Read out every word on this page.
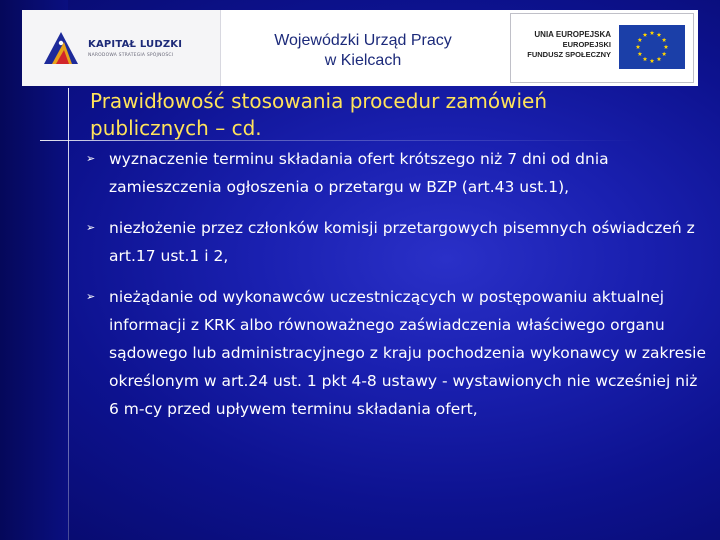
KAPITAŁ LUDZKI
NARODOWA STRATEGIA SPÓJNOŚCI
Wojewódzki Urząd Pracy
w Kielcach
UNIA EUROPEJSKA
EUROPEJSKI
FUNDUSZ SPOŁECZNY
Prawidłowość stosowania procedur zamówień publicznych – cd.
➢ wyznaczenie terminu składania ofert krótszego niż 7 dni od dnia zamieszczenia ogłoszenia o przetargu w BZP (art.43 ust.1),
➢ niezłożenie przez członków komisji przetargowych pisemnych oświadczeń z art.17 ust.1 i 2,
➢ nieżądanie od wykonawców uczestniczących w postępowaniu aktualnej informacji z KRK albo równoważnego zaświadczenia właściwego organu sądowego lub administracyjnego z kraju pochodzenia wykonawcy w zakresie określonym w art.24 ust. 1 pkt 4-8 ustawy - wystawionych nie wcześniej niż 6 m-cy przed upływem terminu składania ofert,
